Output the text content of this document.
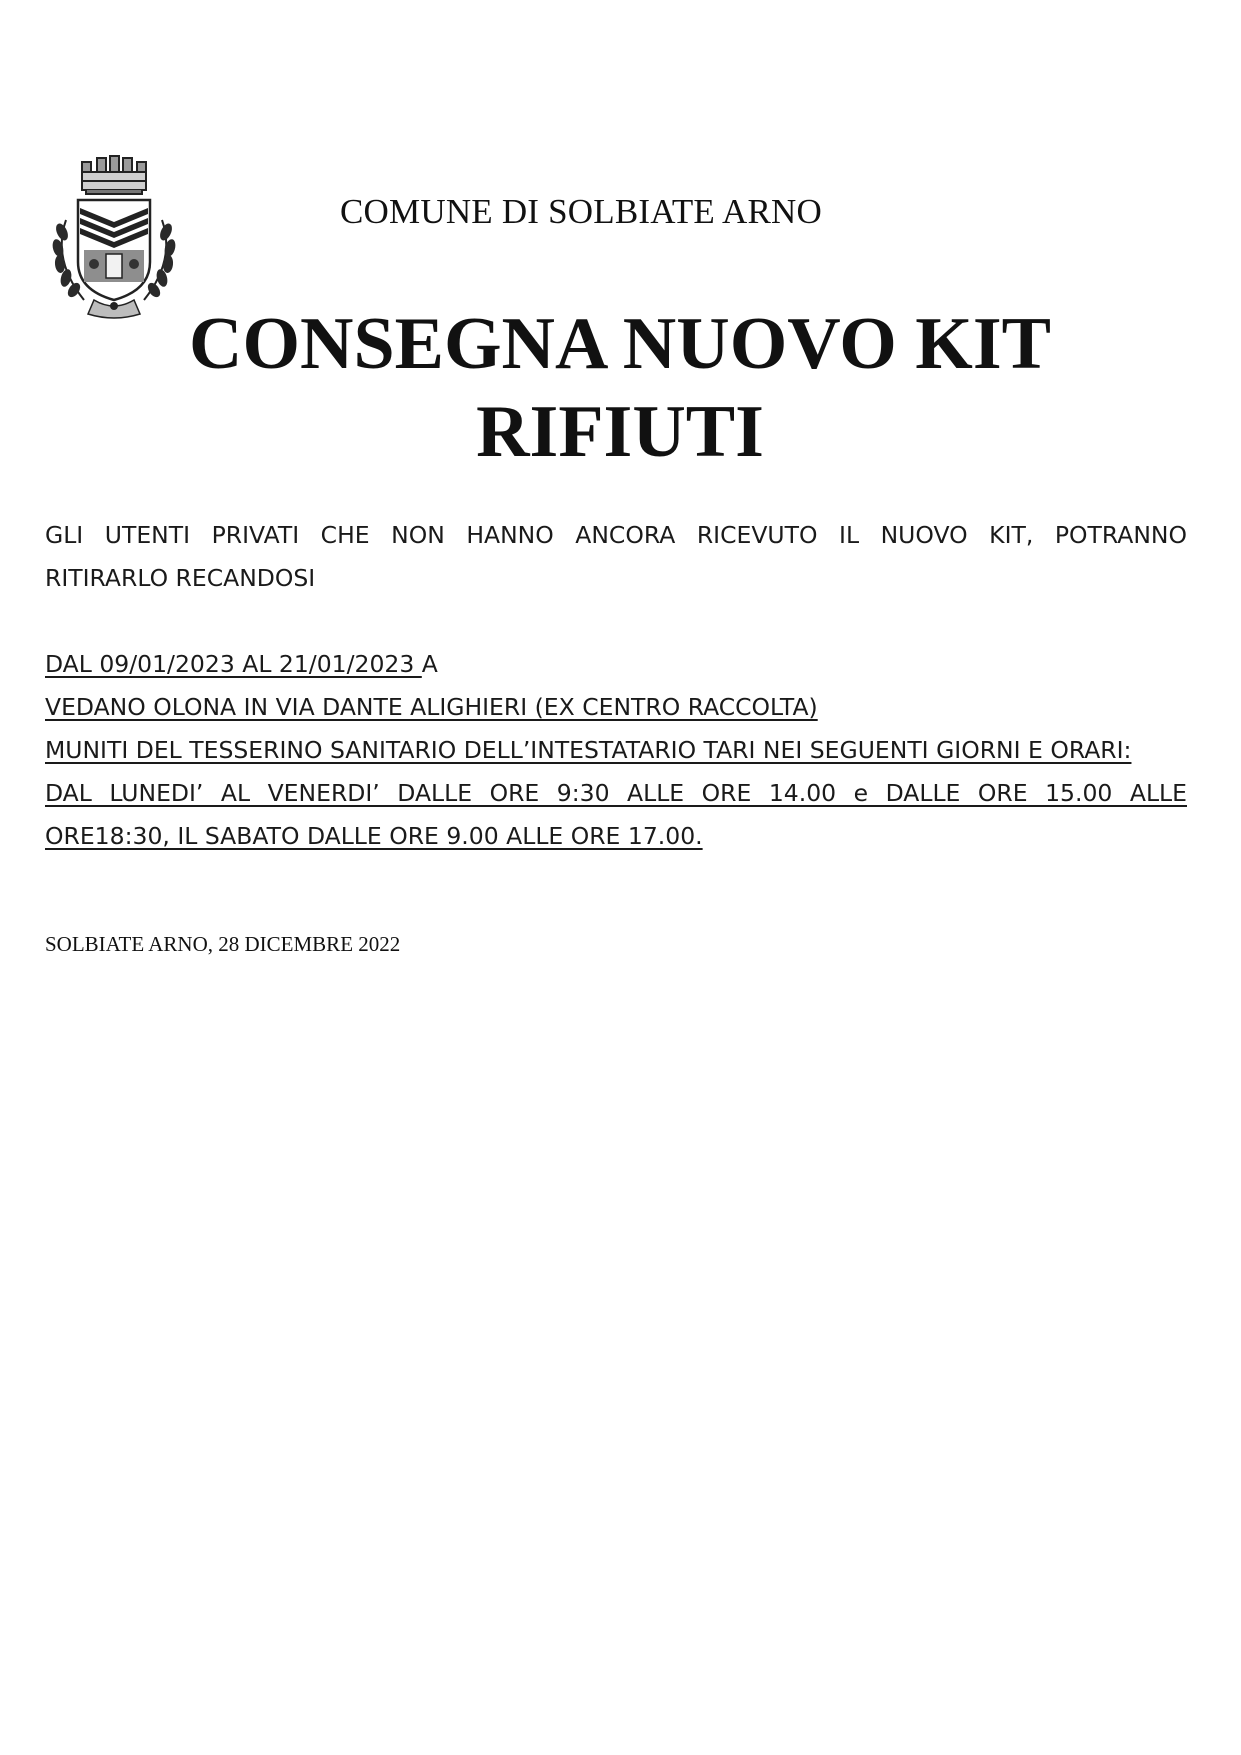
COMUNE DI SOLBIATE ARNO
CONSEGNA NUOVO KIT
RIFIUTI
GLI UTENTI PRIVATI CHE NON HANNO ANCORA RICEVUTO IL NUOVO KIT, POTRANNO
RITIRARLO RECANDOSI
DAL 09/01/2023 AL 21/01/2023 A
VEDANO OLONA IN VIA DANTE ALIGHIERI (EX CENTRO RACCOLTA)
MUNITI DEL TESSERINO SANITARIO DELL’INTESTATARIO TARI NEI SEGUENTI GIORNI E ORARI:
DAL LUNEDI’ AL VENERDI’ DALLE ORE 9:30 ALLE ORE 14.00 e DALLE ORE 15.00 ALLE
ORE18:30, IL SABATO DALLE ORE 9.00 ALLE ORE 17.00.
SOLBIATE ARNO, 28 DICEMBRE 2022
